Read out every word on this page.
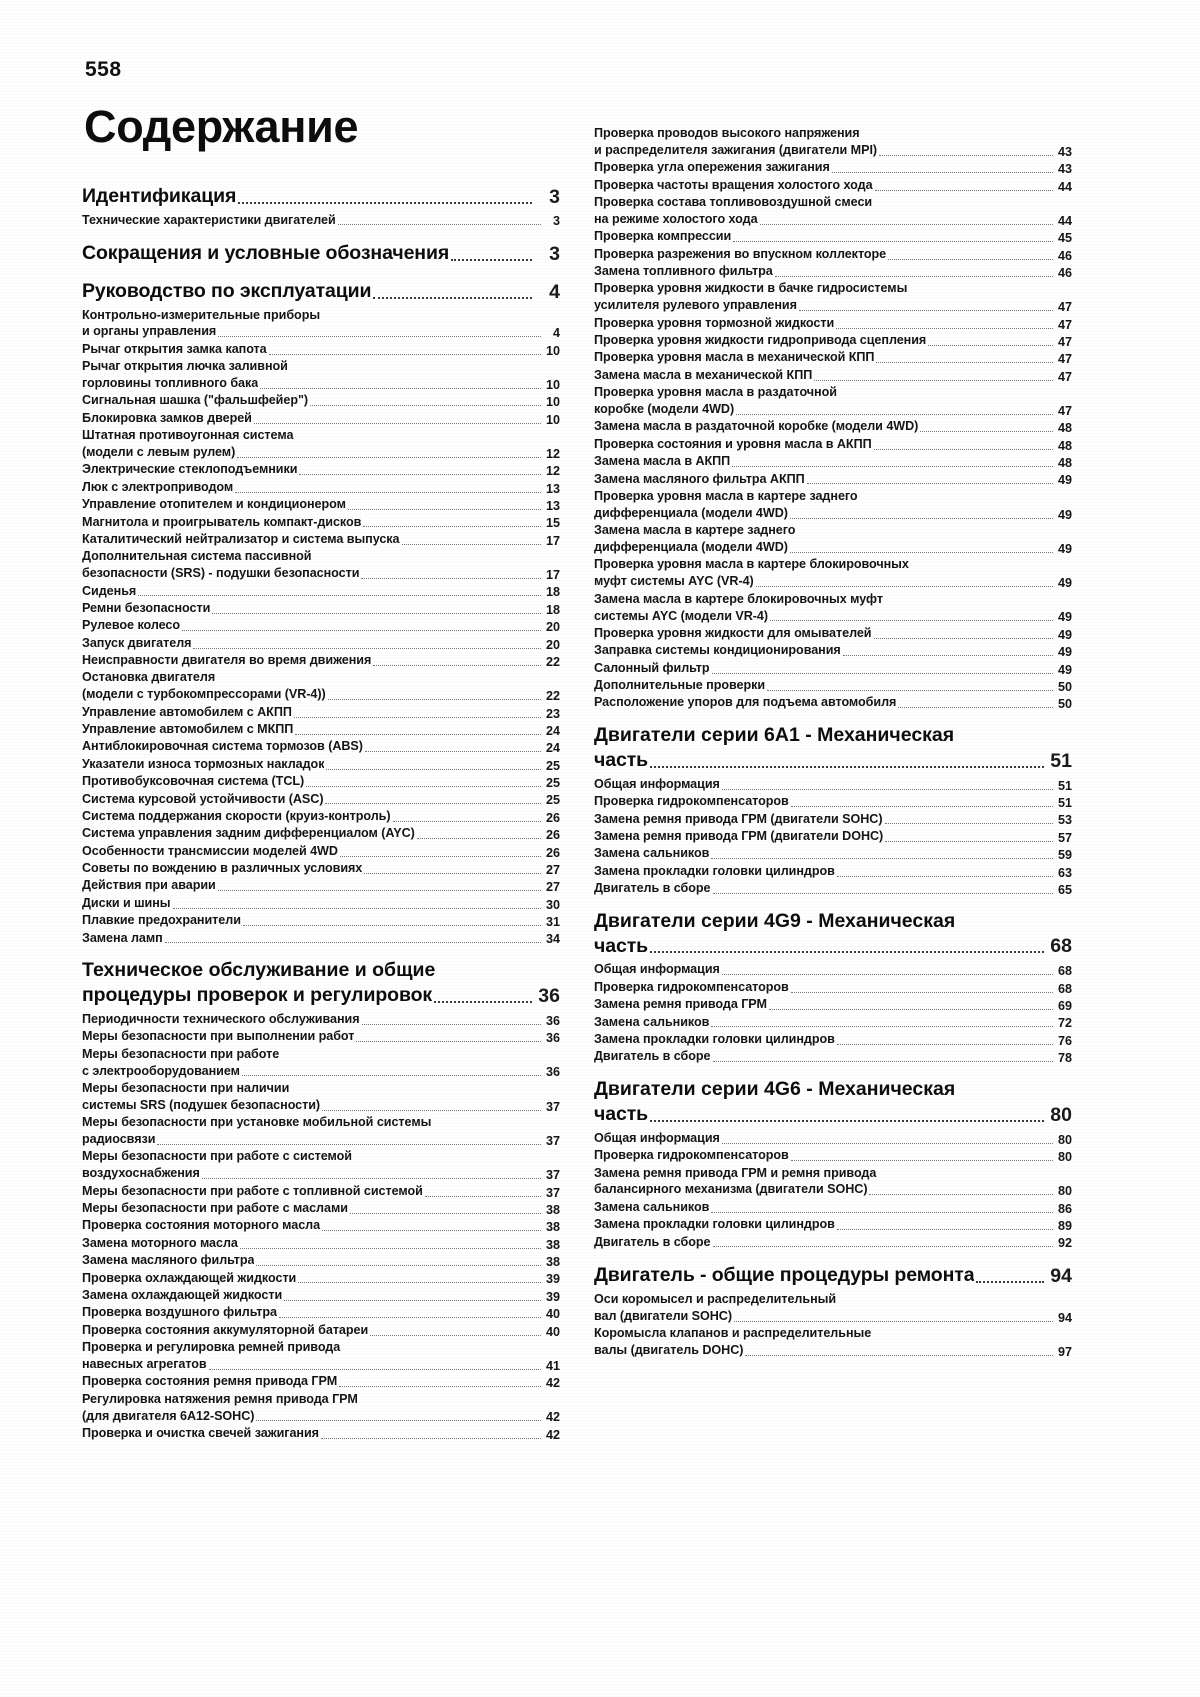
558
Содержание
Идентификация	3
Технические характеристики двигателей	3
Сокращения и условные обозначения	3
Руководство по эксплуатации	4
Контрольно-измерительные приборы
и органы управления	4
Рычаг открытия замка капота	10
Рычаг открытия лючка заливной
горловины топливного бака	10
Сигнальная шашка ("фальшфейер")	10
Блокировка замков дверей	10
Штатная противоугонная система
(модели с левым рулем)	12
Электрические стеклоподъемники	12
Люк с электроприводом	13
Управление отопителем и кондиционером	13
Магнитола и проигрыватель компакт-дисков	15
Каталитический нейтрализатор и система выпуска	17
Дополнительная система пассивной
безопасности (SRS) - подушки безопасности	17
Сиденья	18
Ремни безопасности	18
Рулевое колесо	20
Запуск двигателя	20
Неисправности двигателя во время движения	22
Остановка двигателя
(модели с турбокомпрессорами (VR-4))	22
Управление автомобилем с АКПП	23
Управление автомобилем с МКПП	24
Антиблокировочная система тормозов (ABS)	24
Указатели износа тормозных накладок	25
Противобуксовочная система (TCL)	25
Система курсовой устойчивости (ASC)	25
Система поддержания скорости (круиз-контроль)	26
Система управления задним дифференциалом (AYC)	26
Особенности трансмиссии моделей 4WD	26
Советы по вождению в различных условиях	27
Действия при аварии	27
Диски и шины	30
Плавкие предохранители	31
Замена ламп	34
Техническое обслуживание и общие
процедуры проверок и регулировок	36
Периодичности технического обслуживания	36
Меры безопасности при выполнении работ	36
Меры безопасности при работе
с электрооборудованием	36
Меры безопасности при наличии
системы SRS (подушек безопасности)	37
Меры безопасности при установке мобильной системы
радиосвязи	37
Меры безопасности при работе с системой
воздухоснабжения	37
Меры безопасности при работе с топливной системой	37
Меры безопасности при работе с маслами	38
Проверка состояния моторного масла	38
Замена моторного масла	38
Замена масляного фильтра	38
Проверка охлаждающей жидкости	39
Замена охлаждающей жидкости	39
Проверка воздушного фильтра	40
Проверка состояния аккумуляторной батареи	40
Проверка и регулировка ремней привода
навесных агрегатов	41
Проверка состояния ремня привода ГРМ	42
Регулировка натяжения ремня привода ГРМ
(для двигателя 6A12-SOHC)	42
Проверка и очистка свечей зажигания	42
Проверка проводов высокого напряжения
и распределителя зажигания (двигатели MPI)	43
Проверка угла опережения зажигания	43
Проверка частоты вращения холостого хода	44
Проверка состава топливовоздушной смеси
на режиме холостого хода	44
Проверка компрессии	45
Проверка разрежения во впускном коллекторе	46
Замена топливного фильтра	46
Проверка уровня жидкости в бачке гидросистемы
усилителя рулевого управления	47
Проверка уровня тормозной жидкости	47
Проверка уровня жидкости гидропривода сцепления	47
Проверка уровня масла в механической КПП	47
Замена масла в механической КПП	47
Проверка уровня масла в раздаточной
коробке (модели 4WD)	47
Замена масла в раздаточной коробке (модели 4WD)	48
Проверка состояния и уровня масла в АКПП	48
Замена масла в АКПП	48
Замена масляного фильтра АКПП	49
Проверка уровня масла в картере заднего
дифференциала (модели 4WD)	49
Замена масла в картере заднего
дифференциала (модели 4WD)	49
Проверка уровня масла в картере блокировочных
муфт системы AYC (VR-4)	49
Замена масла в картере блокировочных муфт
системы AYC (модели VR-4)	49
Проверка уровня жидкости для омывателей	49
Заправка системы кондиционирования	49
Салонный фильтр	49
Дополнительные проверки	50
Расположение упоров для подъема автомобиля	50
Двигатели серии 6A1 - Механическая
часть	51
Общая информация	51
Проверка гидрокомпенсаторов	51
Замена ремня привода ГРМ (двигатели SOHC)	53
Замена ремня привода ГРМ (двигатели DOHC)	57
Замена сальников	59
Замена прокладки головки цилиндров	63
Двигатель в сборе	65
Двигатели серии 4G9 - Механическая
часть	68
Общая информация	68
Проверка гидрокомпенсаторов	68
Замена ремня привода ГРМ	69
Замена сальников	72
Замена прокладки головки цилиндров	76
Двигатель в сборе	78
Двигатели серии 4G6 - Механическая
часть	80
Общая информация	80
Проверка гидрокомпенсаторов	80
Замена ремня привода ГРМ и ремня привода
балансирного механизма (двигатели SOHC)	80
Замена сальников	86
Замена прокладки головки цилиндров	89
Двигатель в сборе	92
Двигатель - общие процедуры ремонта	94
Оси коромысел и распределительный
вал (двигатели SOHC)	94
Коромысла клапанов и распределительные
валы (двигатель DOHC)	97
